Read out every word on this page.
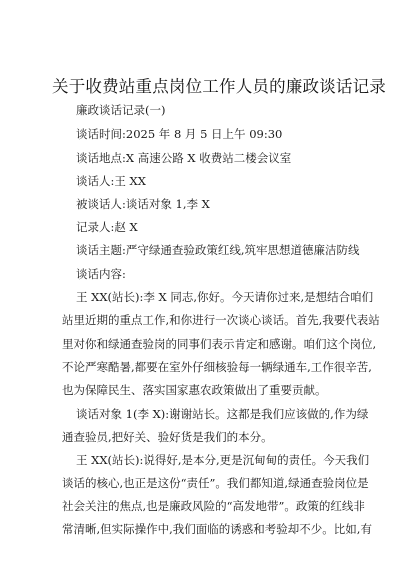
关于收费站重点岗位工作人员的廉政谈话记录
廉政谈话记录(一)
谈话时间:2025 年 8 月 5 日上午 09:30
谈话地点:X 高速公路 X 收费站二楼会议室
谈话人:王 XX
被谈话人:谈话对象 1,李 X
记录人:赵 X
谈话主题:严守绿通查验政策红线,筑牢思想道德廉洁防线
谈话内容:
王 XX(站长):李 X 同志,你好。今天请你过来,是想结合咱们
站里近期的重点工作,和你进行一次谈心谈话。首先,我要代表站
里对你和绿通查验岗的同事们表示肯定和感谢。咱们这个岗位,
不论严寒酷暑,都要在室外仔细核验每一辆绿通车,工作很辛苦,
也为保障民生、落实国家惠农政策做出了重要贡献。
谈话对象 1(李 X):谢谢站长。这都是我们应该做的,作为绿
通查验员,把好关、验好货是我们的本分。
王 XX(站长):说得好,是本分,更是沉甸甸的责任。今天我们
谈话的核心,也正是这份“责任”。我们都知道,绿通查验岗位是
社会关注的焦点,也是廉政风险的“高发地带”。政策的红线非
常清晰,但实际操作中,我们面临的诱惑和考验却不少。比如,有
